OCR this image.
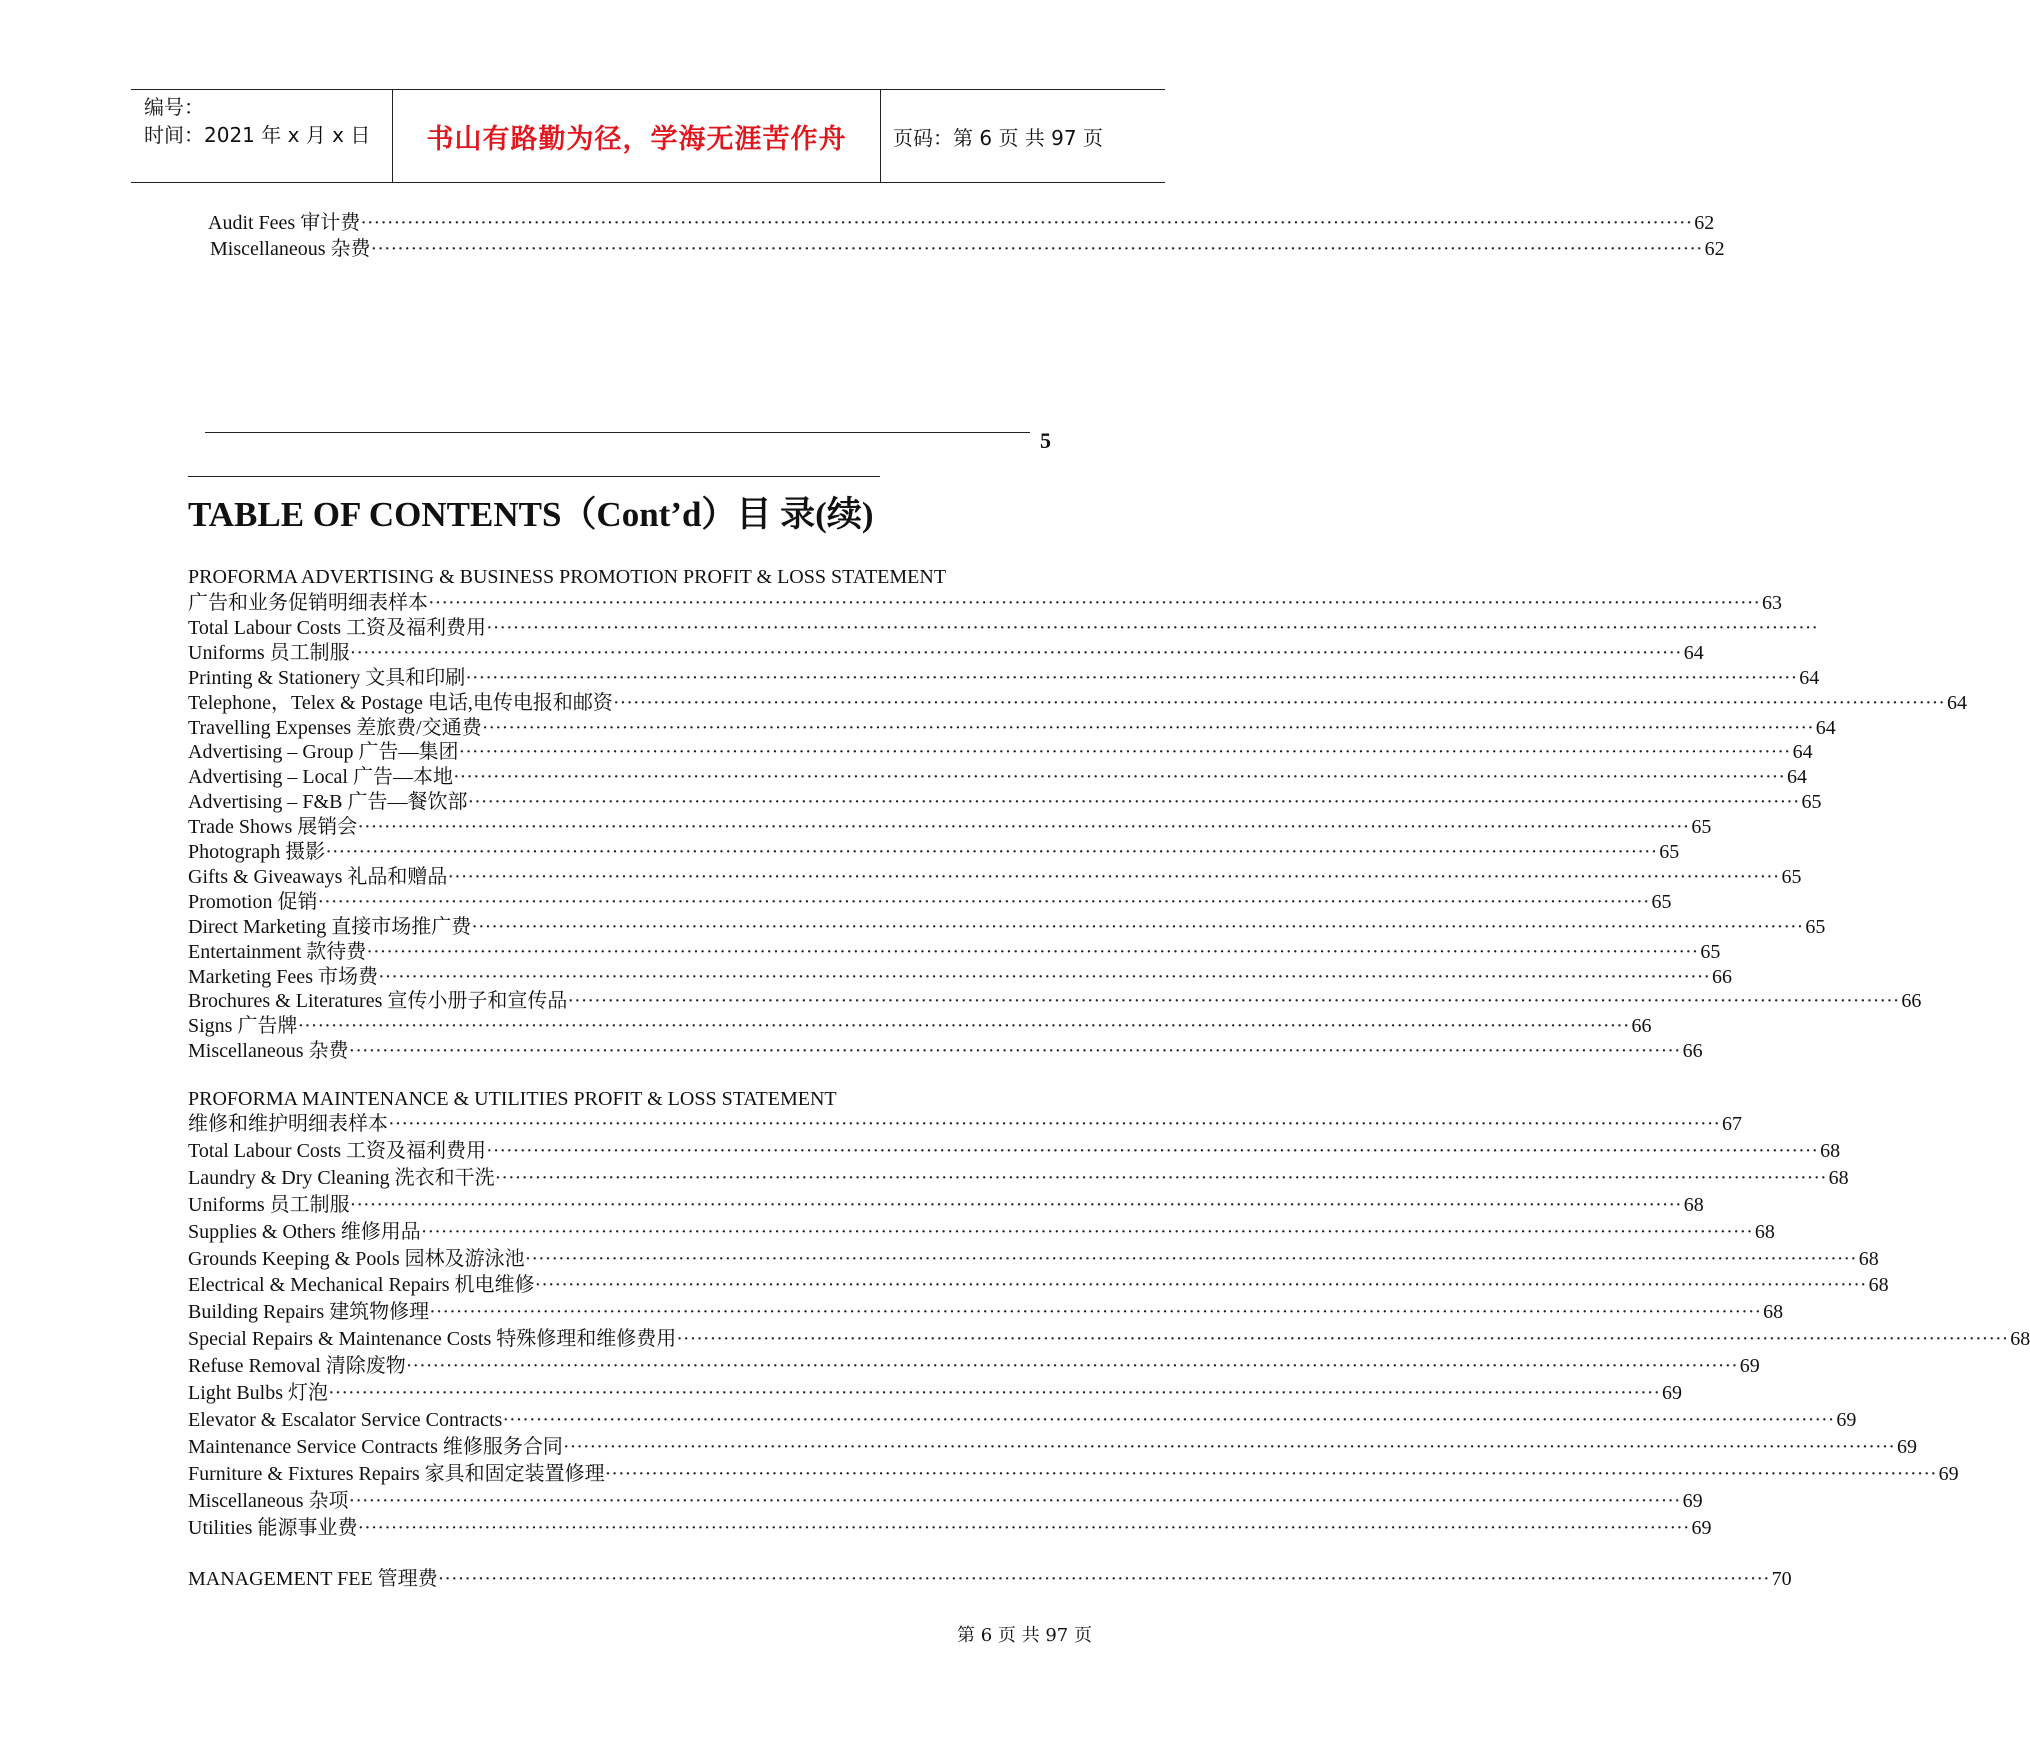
编号：
时间：2021 年 x 月 x 日	书山有路勤为径，学海无涯苦作舟	页码：第 6 页 共 97 页
5
TABLE OF CONTENTS（Cont’d）目 录(续)
PROFORMA ADVERTISING & BUSINESS PROMOTION PROFIT & LOSS STATEMENT
PROFORMA MAINTENANCE & UTILITIES PROFIT & LOSS STATEMENT
Audit Fees 审计费 ········································································································································································································ 62
Miscellaneous 杂费 ········································································································································································································ 62
广告和业务促销明细表样本 ········································································································································································································ 63
Total Labour Costs 工资及福利费用 ········································································································································································································
Uniforms 员工制服 ········································································································································································································ 64
Printing & Stationery 文具和印刷 ········································································································································································································ 64
Telephone，Telex & Postage 电话,电传电报和邮资 ········································································································································································································ 64
Travelling Expenses 差旅费/交通费 ········································································································································································································ 64
Advertising – Group 广告—集团 ········································································································································································································ 64
Advertising – Local 广告—本地 ········································································································································································································ 64
Advertising – F&B 广告—餐饮部 ········································································································································································································ 65
Trade Shows 展销会 ········································································································································································································ 65
Photograph 摄影 ········································································································································································································ 65
Gifts & Giveaways 礼品和赠品 ········································································································································································································ 65
Promotion 促销 ········································································································································································································ 65
Direct Marketing 直接市场推广费 ········································································································································································································ 65
Entertainment 款待费 ········································································································································································································ 65
Marketing Fees 市场费 ········································································································································································································ 66
Brochures & Literatures 宣传小册子和宣传品 ········································································································································································································ 66
Signs 广告牌 ········································································································································································································ 66
Miscellaneous 杂费 ········································································································································································································ 66
维修和维护明细表样本 ········································································································································································································ 67
Total Labour Costs 工资及福利费用 ········································································································································································································ 68
Laundry & Dry Cleaning 洗衣和干洗 ········································································································································································································ 68
Uniforms 员工制服 ········································································································································································································ 68
Supplies & Others 维修用品 ········································································································································································································ 68
Grounds Keeping & Pools 园林及游泳池 ········································································································································································································ 68
Electrical & Mechanical Repairs 机电维修 ········································································································································································································ 68
Building Repairs 建筑物修理 ········································································································································································································ 68
Special Repairs & Maintenance Costs 特殊修理和维修费用 ········································································································································································································ 68
Refuse Removal 清除废物 ········································································································································································································ 69
Light Bulbs 灯泡 ········································································································································································································ 69
Elevator & Escalator Service Contracts ········································································································································································································ 69
Maintenance Service Contracts 维修服务合同 ········································································································································································································ 69
Furniture & Fixtures Repairs 家具和固定装置修理 ········································································································································································································ 69
Miscellaneous 杂项 ········································································································································································································ 69
Utilities 能源事业费 ········································································································································································································ 69
MANAGEMENT FEE 管理费 ········································································································································································································ 70
第 6 页 共 97 页
